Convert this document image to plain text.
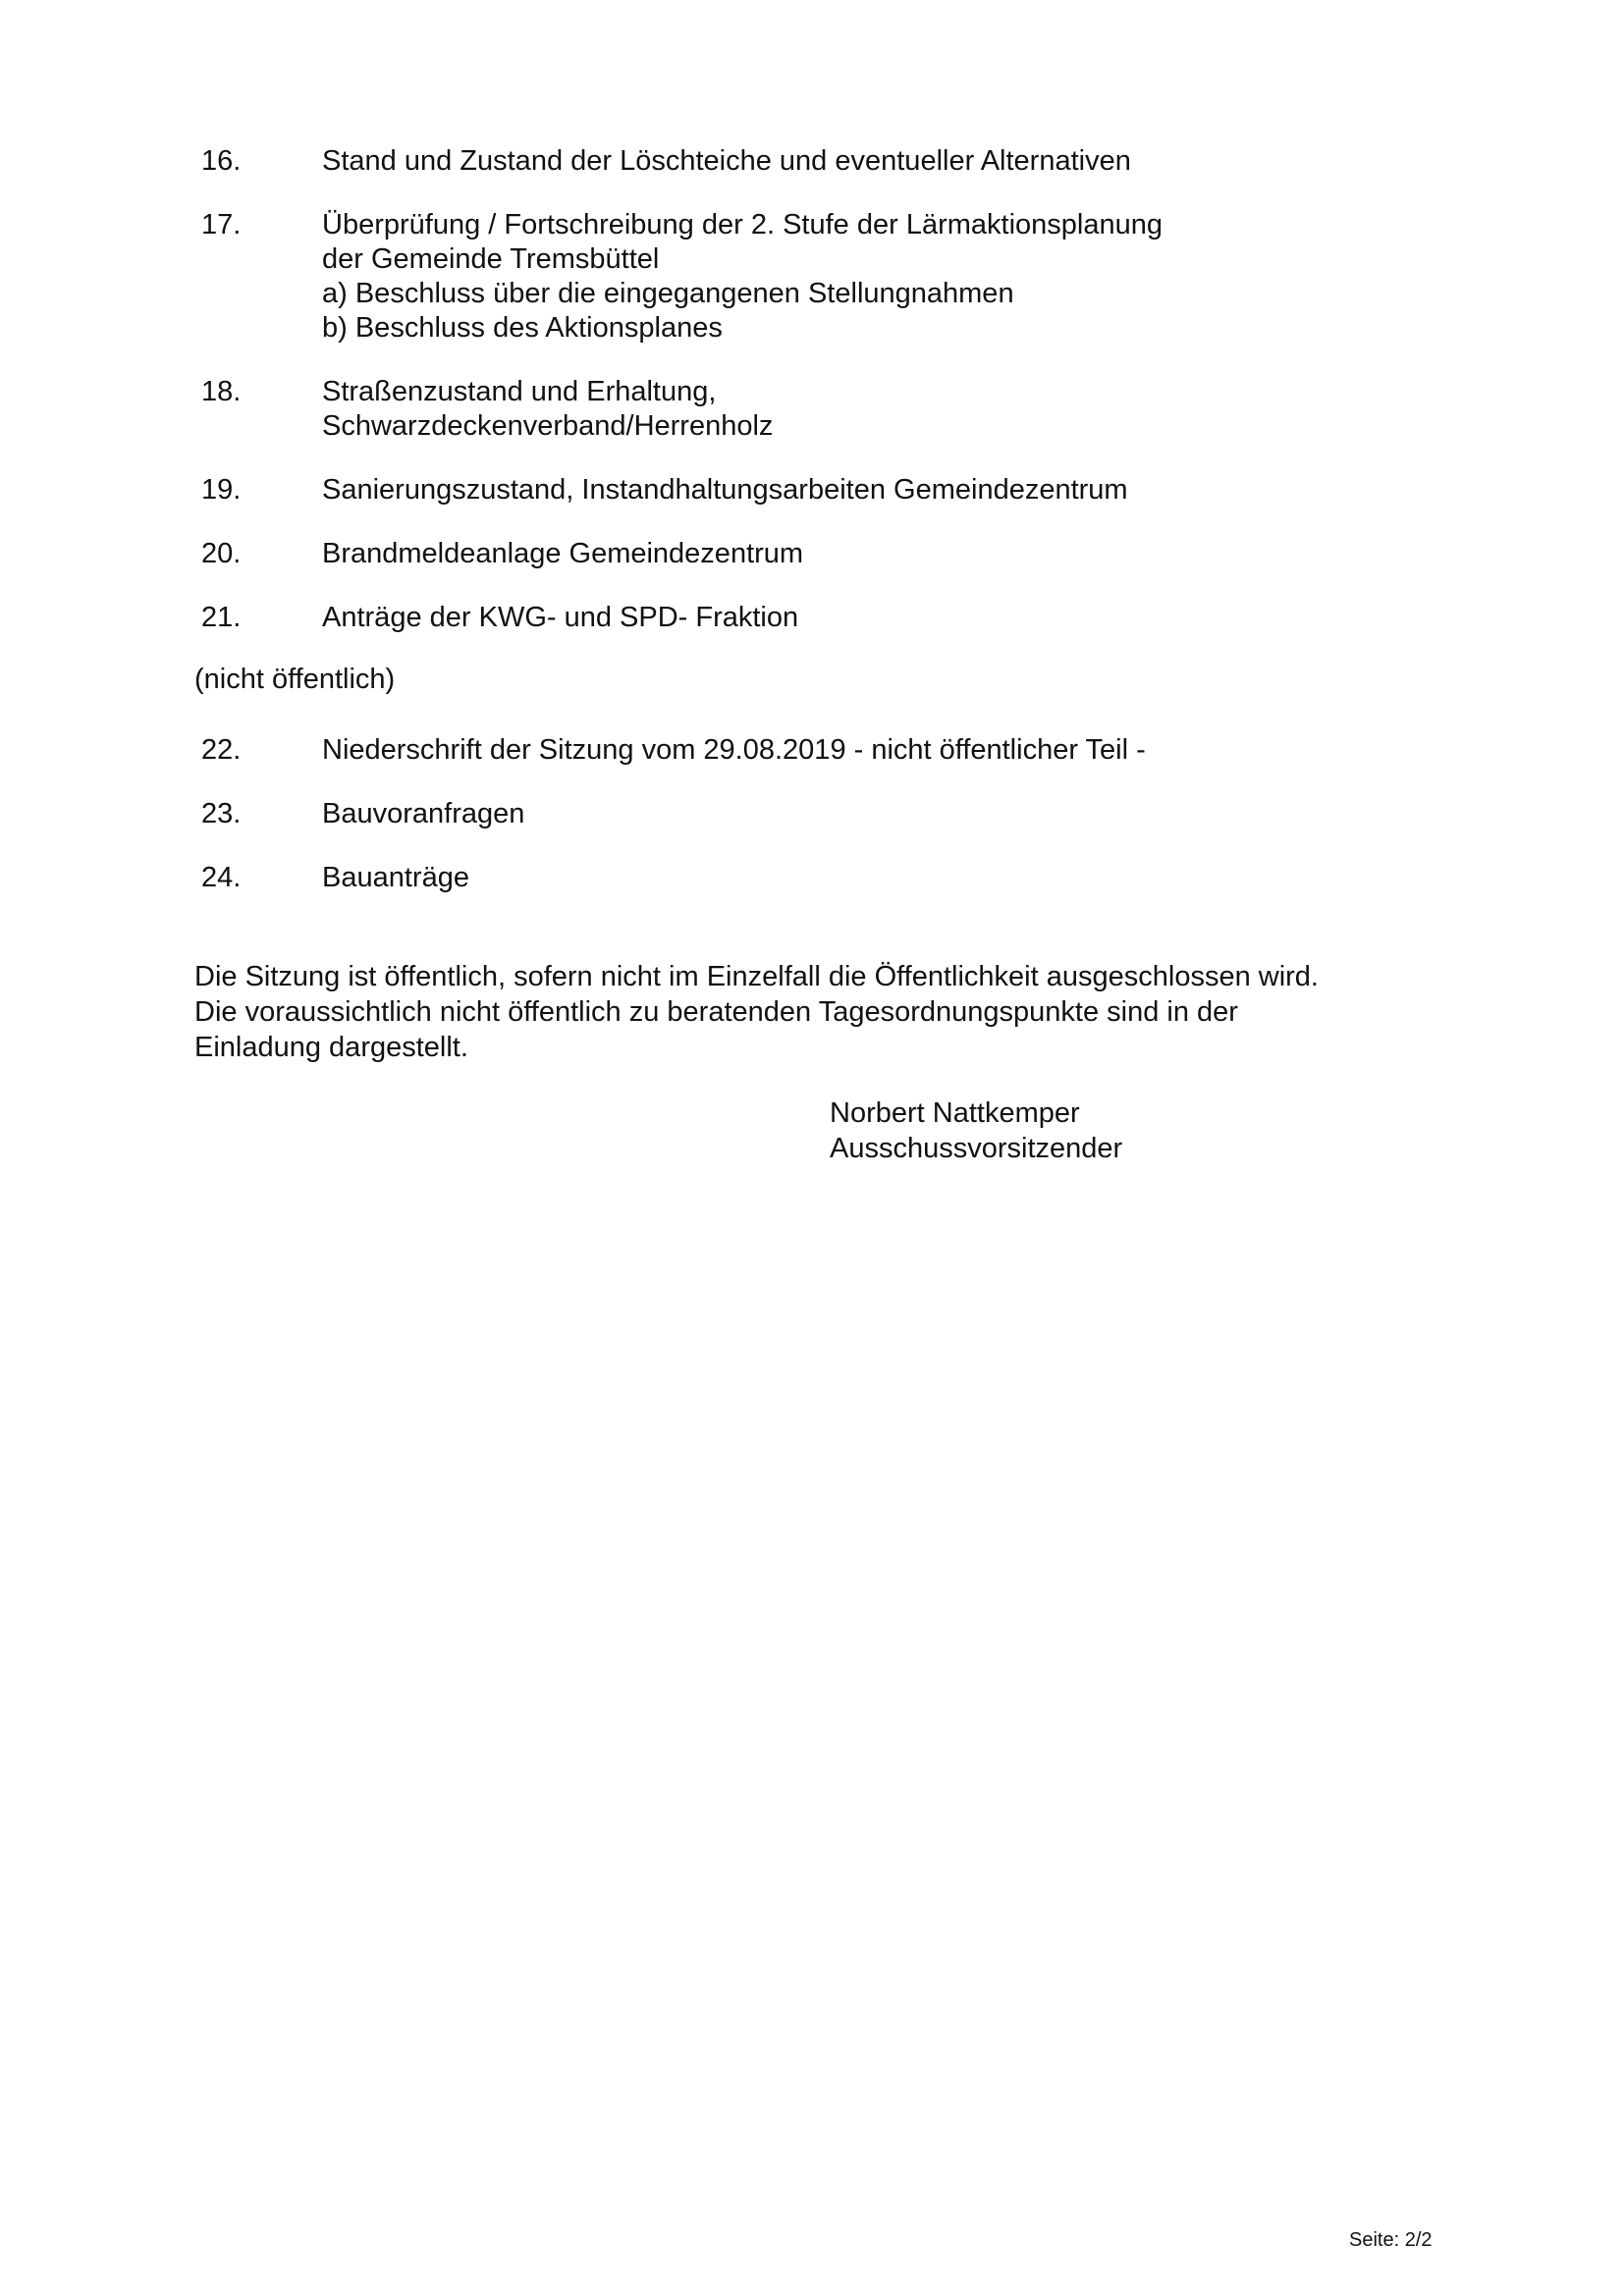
16.	Stand und Zustand der Löschteiche und eventueller Alternativen
17.	Überprüfung / Fortschreibung der 2. Stufe der Lärmaktionsplanung
der Gemeinde Tremsbüttel
a) Beschluss über die eingegangenen Stellungnahmen
b) Beschluss des Aktionsplanes
18.	Straßenzustand und Erhaltung,
Schwarzdeckenverband/Herrenholz
19.	Sanierungszustand, Instandhaltungsarbeiten Gemeindezentrum
20.	Brandmeldeanlage Gemeindezentrum
21.	Anträge der KWG- und SPD- Fraktion
(nicht öffentlich)
22.	Niederschrift der Sitzung vom 29.08.2019 - nicht öffentlicher Teil -
23.	Bauvoranfragen
24.	Bauanträge
Die Sitzung ist öffentlich, sofern nicht im Einzelfall die Öffentlichkeit ausgeschlossen wird.
Die voraussichtlich nicht öffentlich zu beratenden Tagesordnungspunkte sind in der
Einladung dargestellt.
Norbert Nattkemper
Ausschussvorsitzender
Seite: 2/2
